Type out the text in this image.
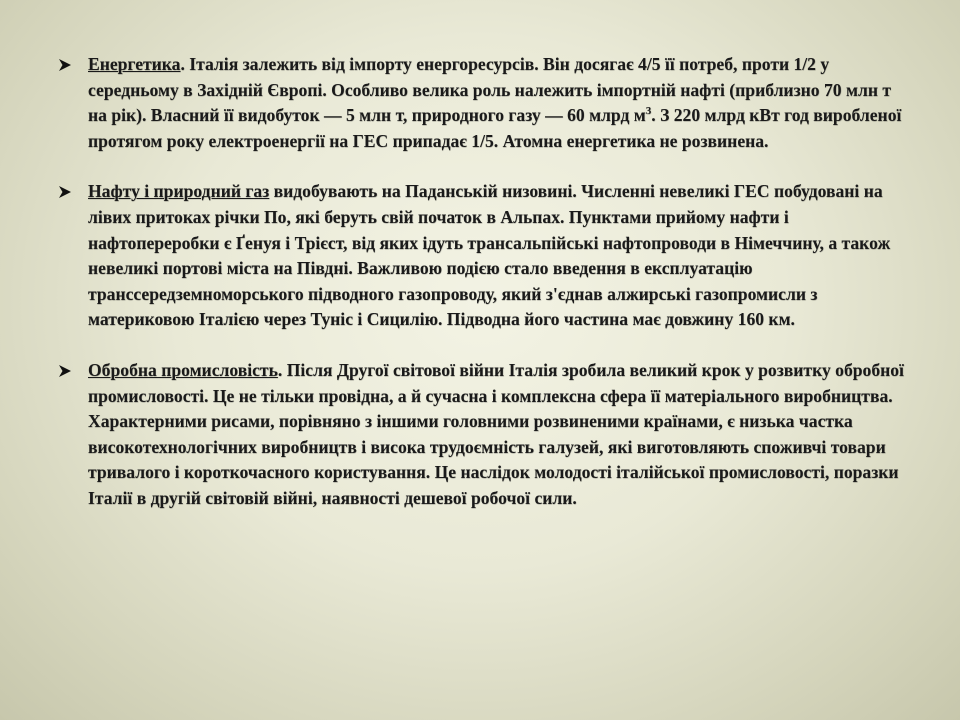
Енергетика. Італія залежить від імпорту енергоресурсів. Він досягає 4/5 її потреб, проти 1/2 у середньому в Західній Європі. Особливо велика роль належить імпортній нафті (приблизно 70 млн т на рік). Власний її видобуток — 5 млн т, природного газу — 60 млрд $м^3$. З 220 млрд кВт год виробленої протягом року електроенергії на ГЕС припадає 1/5. Атомна енергетика не розвинена.
Нафту і природний газ видобувають на Паданській низовині. Численні невеликі ГЕС побудовані на лівих притоках річки По, які беруть свій початок в Альпах. Пунктами прийому нафти і нафтопереробки є Ґенуя і Трієст, від яких ідуть трансальпійські нафтопроводи в Німеччину, а також невеликі портові міста на Півдні. Важливою подією стало введення в експлуатацію транссередземноморського підводного газопроводу, який з'єднав алжирські газопромисли з материковою Італією через Туніс і Сицилію. Підводна його частина має довжину 160 км.
Обробна промисловість. Після Другої світової війни Італія зробила великий крок у розвитку обробної промисловості. Це не тільки провідна, а й сучасна і комплексна сфера її матеріального виробництва. Характерними рисами, порівняно з іншими головними розвиненими країнами, є низька частка високотехнологічних виробництв і висока трудоємність галузей, які виготовляють споживчі товари тривалого і короткочасного користування. Це наслідок молодості італійської промисловості, поразки Італії в другій світовій війні, наявності дешевої робочої сили.
